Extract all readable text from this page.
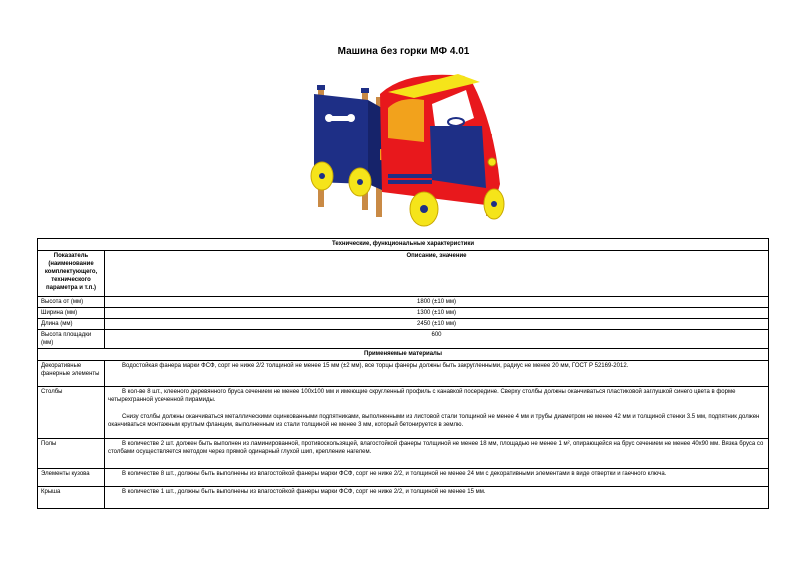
Машина без горки МФ 4.01
Технические, функциональные характеристики	
Показатель (наименование комплектующего, технического параметра и т.п.)	Описание, значение
Высота от (мм)	1800 (±10 мм)
Ширина (мм)	1300 (±10 мм)
Длина (мм)	2450 (±10 мм)
Высота площадки (мм)	600
Применяемые материалы	
Декоративные фанерные элементы	Водостойкая фанера марки ФСФ, сорт не ниже 2/2 толщиной не менее 15 мм (±2 мм), все торцы фанеры должны быть закругленными, радиус не менее 20 мм, ГОСТ Р 52169-2012.

Столбы	В кол-ве 8 шт., клееного деревянного бруса сечением не менее 100х100 мм и имеющие скругленный профиль с канавкой посередине. Сверху столбы должны оканчиваться пластиковой заглушкой синего цвета в форме четырехгранной усеченной пирамиды.

Снизу столбы должны оканчиваться металлическими оцинкованными подпятниками, выполненными из листовой стали толщиной не менее 4 мм и трубы диаметром не менее 42 мм и толщиной стенки 3.5 мм, подпятник должен оканчиваться монтажным круглым фланцем, выполненным из стали толщиной не менее 3 мм, который бетонируется в землю.

Полы	В количестве 2 шт. должен быть выполнен из ламинированной, противоскользящей, влагостойкой фанеры толщиной не менее 18 мм, площадью не менее 1 м², опирающейся на брус сечением не менее 40х90 мм. Вязка бруса со столбами осуществляется методом через прямой одинарный глухой шип, крепление нагелем.

Элементы кузова	В количестве 8 шт., должны быть выполнены из влагостойкой фанеры марки ФСФ, сорт не ниже 2/2, и толщиной не менее 24 мм с декоративными элементами в виде отвертки и гаечного ключа.

Крыша	В количестве 1 шт., должны быть выполнены из влагостойкой фанеры марки ФСФ, сорт не ниже 2/2, и толщиной не менее 15 мм.
